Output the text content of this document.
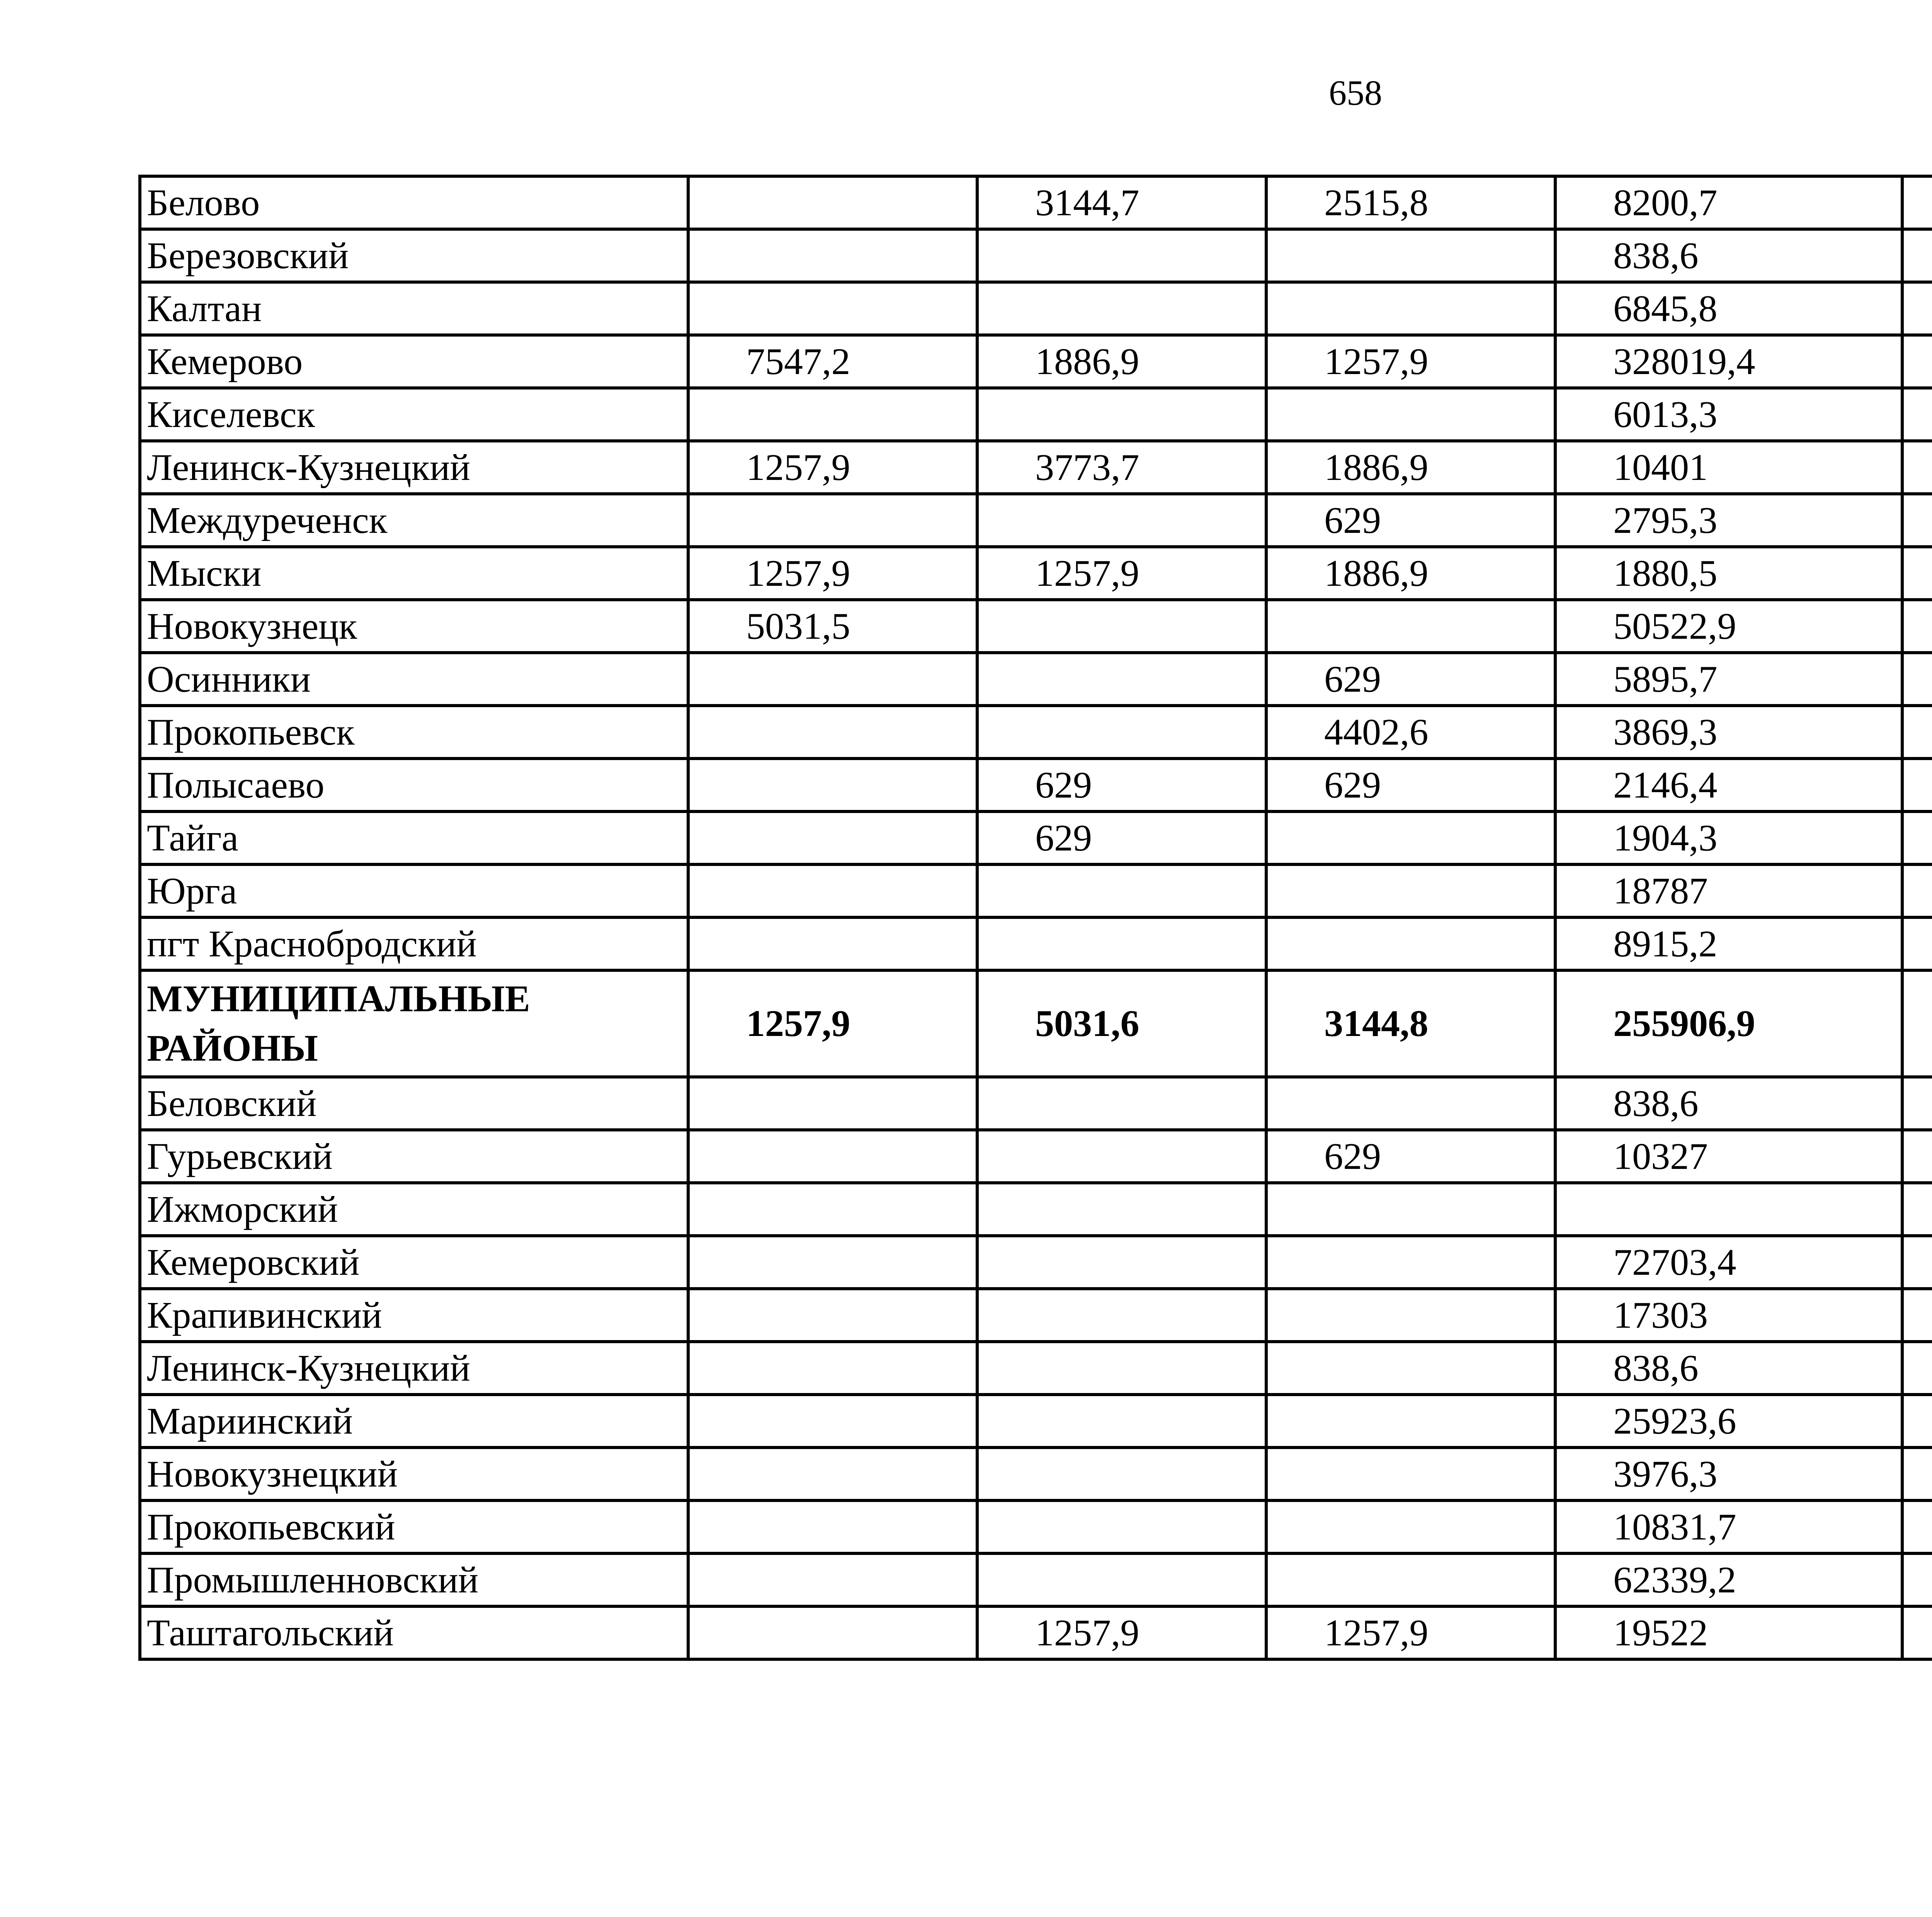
658
Белово		3144,7	2515,8	8200,7		
Березовский				838,6		
Калтан				6845,8		
Кемерово	7547,2	1886,9	1257,9	328019,4		
Киселевск				6013,3		
Ленинск-Кузнецкий	1257,9	3773,7	1886,9	10401		
Междуреченск			629	2795,3		
Мыски	1257,9	1257,9	1886,9	1880,5		
Новокузнецк	5031,5			50522,9		
Осинники			629	5895,7		
Прокопьевск			4402,6	3869,3		
Полысаево		629	629	2146,4		
Тайга		629		1904,3		
Юрга				18787		
пгт Краснобродский				8915,2		
МУНИЦИПАЛЬНЫЕ РАЙОНЫ	1257,9	5031,6	3144,8	255906,9		
Беловский				838,6		
Гурьевский			629	10327		
Ижморский						
Кемеровский				72703,4		
Крапивинский				17303		
Ленинск-Кузнецкий				838,6		
Мариинский				25923,6		
Новокузнецкий				3976,3		
Прокопьевский				10831,7		
Промышленновский				62339,2		
Таштагольский		1257,9	1257,9	19522		
